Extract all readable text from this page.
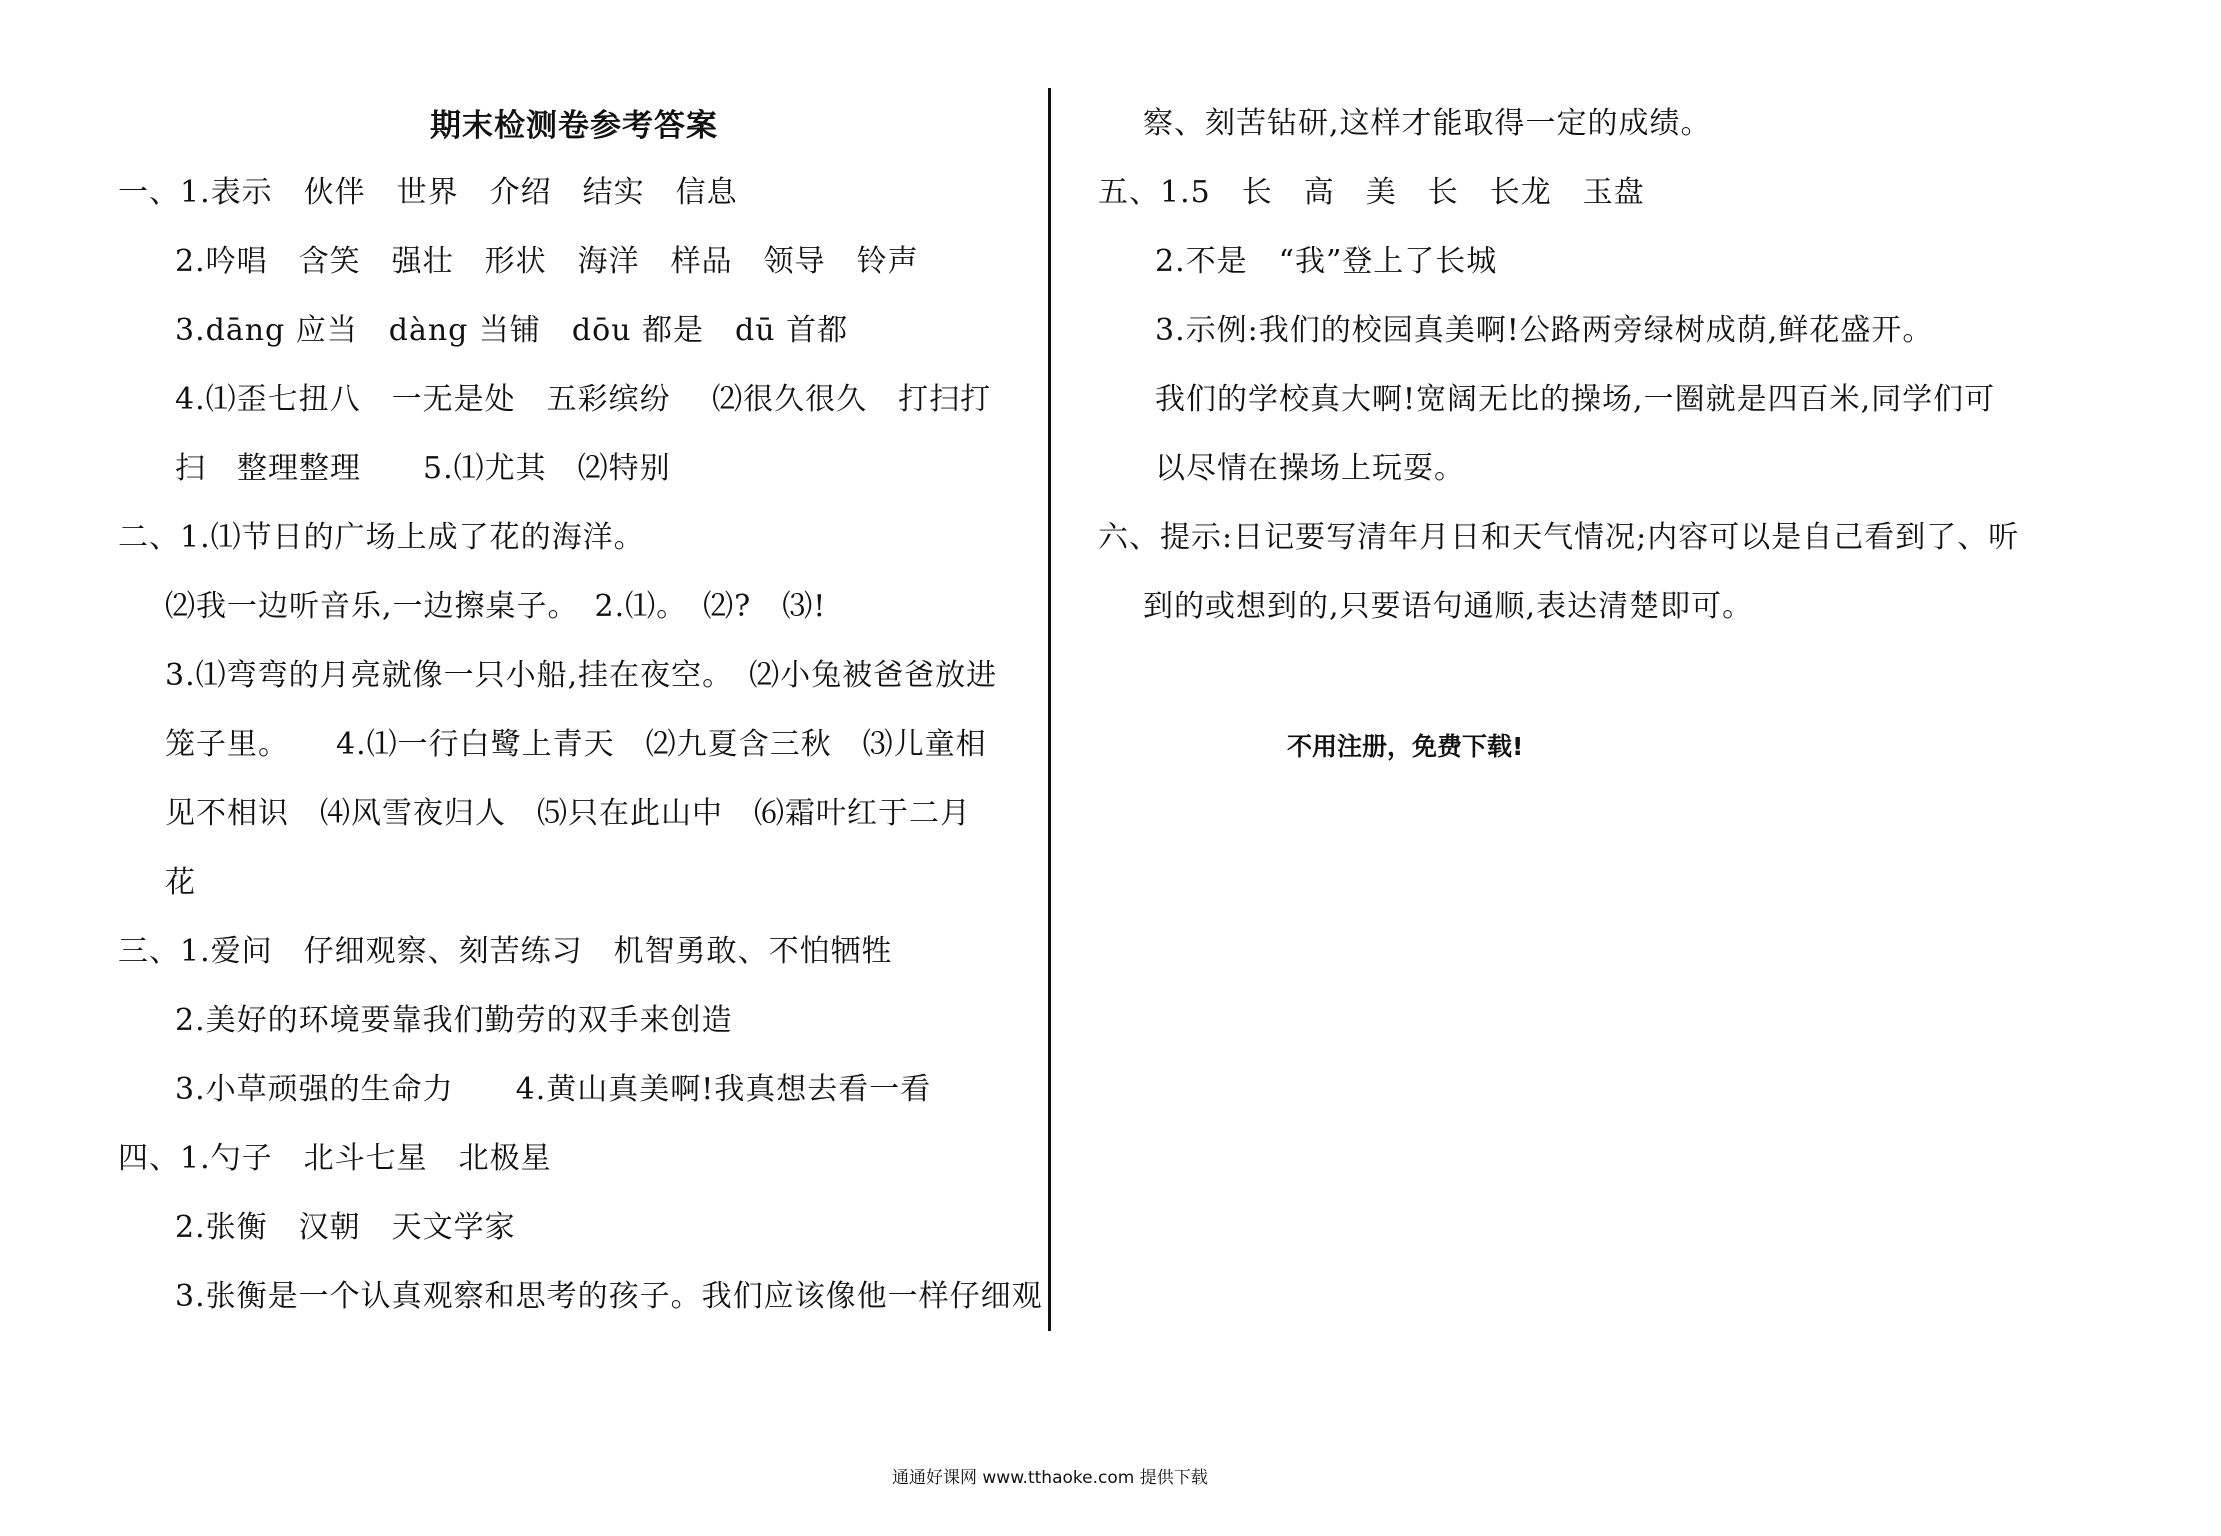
期末检测卷参考答案
一、1.表示　伙伴　世界　介绍　结实　信息
2.吟唱　含笑　强壮　形状　海洋　样品　领导　铃声
3.dāng 应当　dàng 当铺　dōu 都是　dū 首都
4.⑴歪七扭八　一无是处　五彩缤纷　 ⑵很久很久　打扫打
扫　整理整理　　5.⑴尤其　⑵特别
二、1.⑴节日的广场上成了花的海洋。
⑵我一边听音乐,一边擦桌子。　2.⑴。　⑵?　⑶!
3.⑴弯弯的月亮就像一只小船,挂在夜空。　⑵小兔被爸爸放进
笼子里。　　4.⑴一行白鹭上青天　⑵九夏含三秋　⑶儿童相
见不相识　⑷风雪夜归人　⑸只在此山中　⑹霜叶红于二月
花
三、1.爱问　仔细观察、刻苦练习　机智勇敢、不怕牺牲
2.美好的环境要靠我们勤劳的双手来创造
3.小草顽强的生命力　　4.黄山真美啊!我真想去看一看
四、1.勺子　北斗七星　北极星
2.张衡　汉朝　天文学家
3.张衡是一个认真观察和思考的孩子。我们应该像他一样仔细观
察、刻苦钻研,这样才能取得一定的成绩。
五、1.5　长　高　美　长　长龙　玉盘
2.不是　“我”登上了长城
3.示例:我们的校园真美啊!公路两旁绿树成荫,鲜花盛开。
我们的学校真大啊!宽阔无比的操场,一圈就是四百米,同学们可
以尽情在操场上玩耍。
六、提示:日记要写清年月日和天气情况;内容可以是自己看到了、听
到的或想到的,只要语句通顺,表达清楚即可。
不用注册，免费下载!
通通好课网 www.tthaoke.com 提供下载
